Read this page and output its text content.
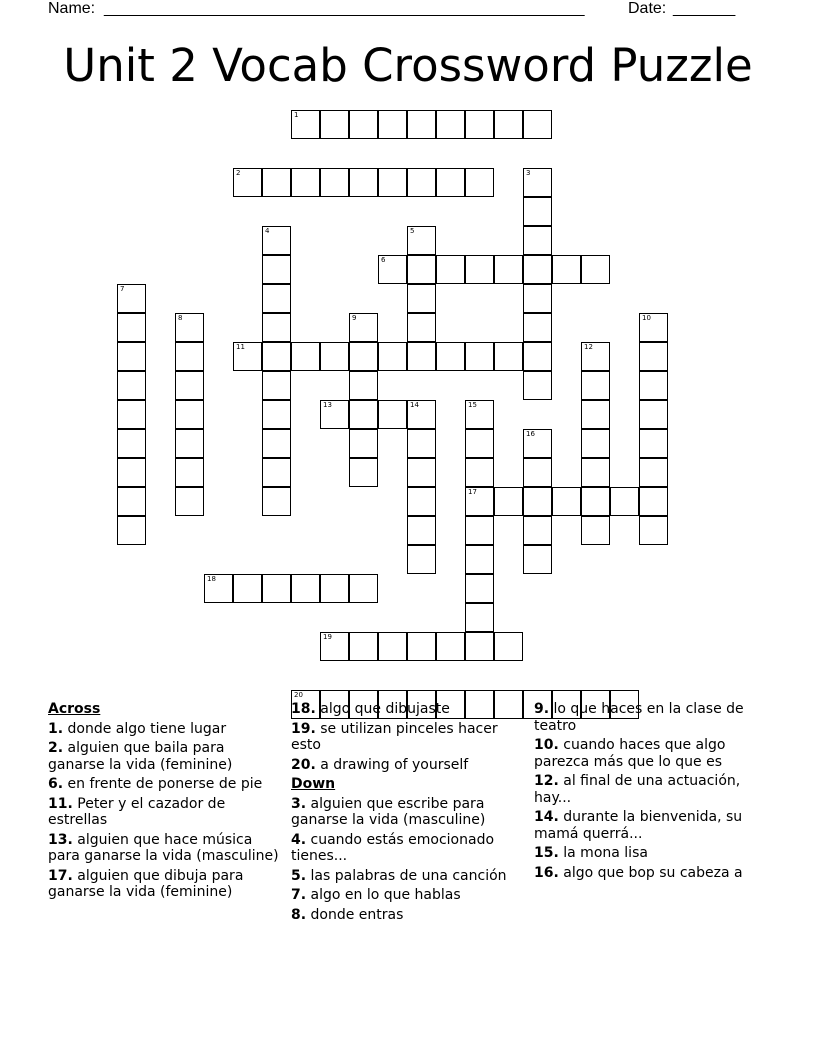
Name: ______________________________________________________	Date: _______
Unit 2 Vocab Crossword Puzzle
1
2	3
4	5
6
7
8	9	10
11	12
13	14	15
17
16
18
19
20
Across
1. donde algo tiene lugar
2. alguien que baila para ganarse la vida (feminine)
6. en frente de ponerse de pie
11. Peter y el cazador de estrellas
13. alguien que hace música para ganarse la vida (masculine)
17. alguien que dibuja para ganarse la vida (feminine)
18. algo que dibujaste
19. se utilizan pinceles hacer esto
20. a drawing of yourself
Down
3. alguien que escribe para ganarse la vida (masculine)
4. cuando estás emocionado tienes...
5. las palabras de una canción
7. algo en lo que hablas
8. donde entras
9. lo que haces en la clase de teatro
10. cuando haces que algo parezca más que lo que es
12. al final de una actuación, hay...
14. durante la bienvenida, su mamá querrá...
15. la mona lisa
16. algo que bop su cabeza a
